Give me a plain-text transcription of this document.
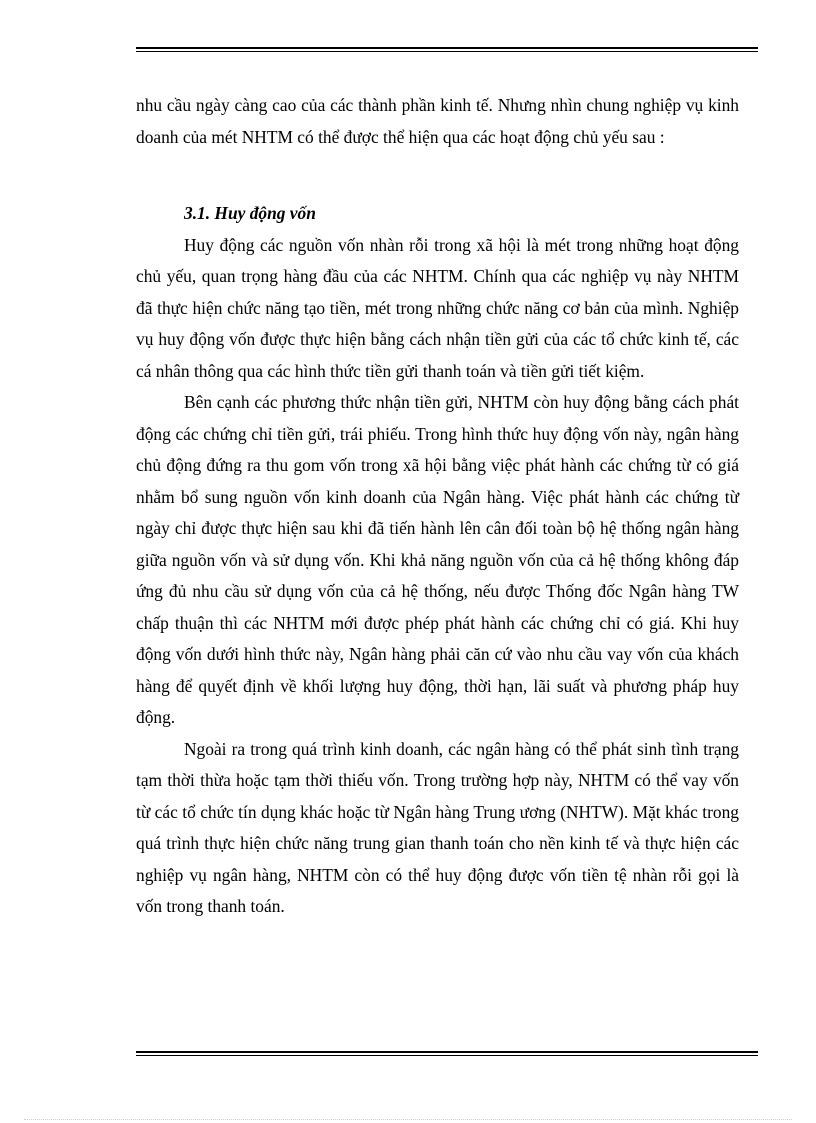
nhu cầu ngày càng cao của các thành phần kinh tế. Nhưng nhìn chung nghiệp vụ kinh doanh của mét NHTM có thể được thể hiện qua các hoạt động chủ yếu sau :

3.1. Huy động vốn

Huy động các nguồn vốn nhàn rỗi trong xã hội là mét trong những hoạt động chủ yếu, quan trọng hàng đầu của các NHTM. Chính qua các nghiệp vụ này NHTM đã thực hiện chức năng tạo tiền, mét trong những chức năng cơ bản của mình. Nghiệp vụ huy động vốn được thực hiện bằng cách nhận tiền gửi của các tổ chức kinh tế, các cá nhân thông qua các hình thức tiền gửi thanh toán và tiền gửi tiết kiệm.

Bên cạnh các phương thức nhận tiền gửi, NHTM còn huy động bằng cách phát động các chứng chỉ tiền gửi, trái phiếu. Trong hình thức huy động vốn này, ngân hàng chủ động đứng ra thu gom vốn trong xã hội bằng việc phát hành các chứng từ có giá nhằm bổ sung nguồn vốn kinh doanh của Ngân hàng. Việc phát hành các chứng từ ngày chỉ được thực hiện sau khi đã tiến hành lên cân đối toàn bộ hệ thống ngân hàng giữa nguồn vốn và sử dụng vốn. Khi khả năng nguồn vốn của cả hệ thống không đáp ứng đủ nhu cầu sử dụng vốn của cả hệ thống, nếu được Thống đốc Ngân hàng TW chấp thuận thì các NHTM mới được phép phát hành các chứng chỉ có giá. Khi huy động vốn dưới hình thức này, Ngân hàng phải căn cứ vào nhu cầu vay vốn của khách hàng để quyết định về khối lượng huy động, thời hạn, lãi suất và phương pháp huy động.

Ngoài ra trong quá trình kinh doanh, các ngân hàng có thể phát sinh tình trạng tạm thời thừa hoặc tạm thời thiếu vốn. Trong trường hợp này, NHTM có thể vay vốn từ các tổ chức tín dụng khác hoặc từ Ngân hàng Trung ương (NHTW). Mặt khác trong quá trình thực hiện chức năng trung gian thanh toán cho nền kinh tế và thực hiện các nghiệp vụ ngân hàng, NHTM còn có thể huy động được vốn tiền tệ nhàn rỗi gọi là vốn trong thanh toán.
